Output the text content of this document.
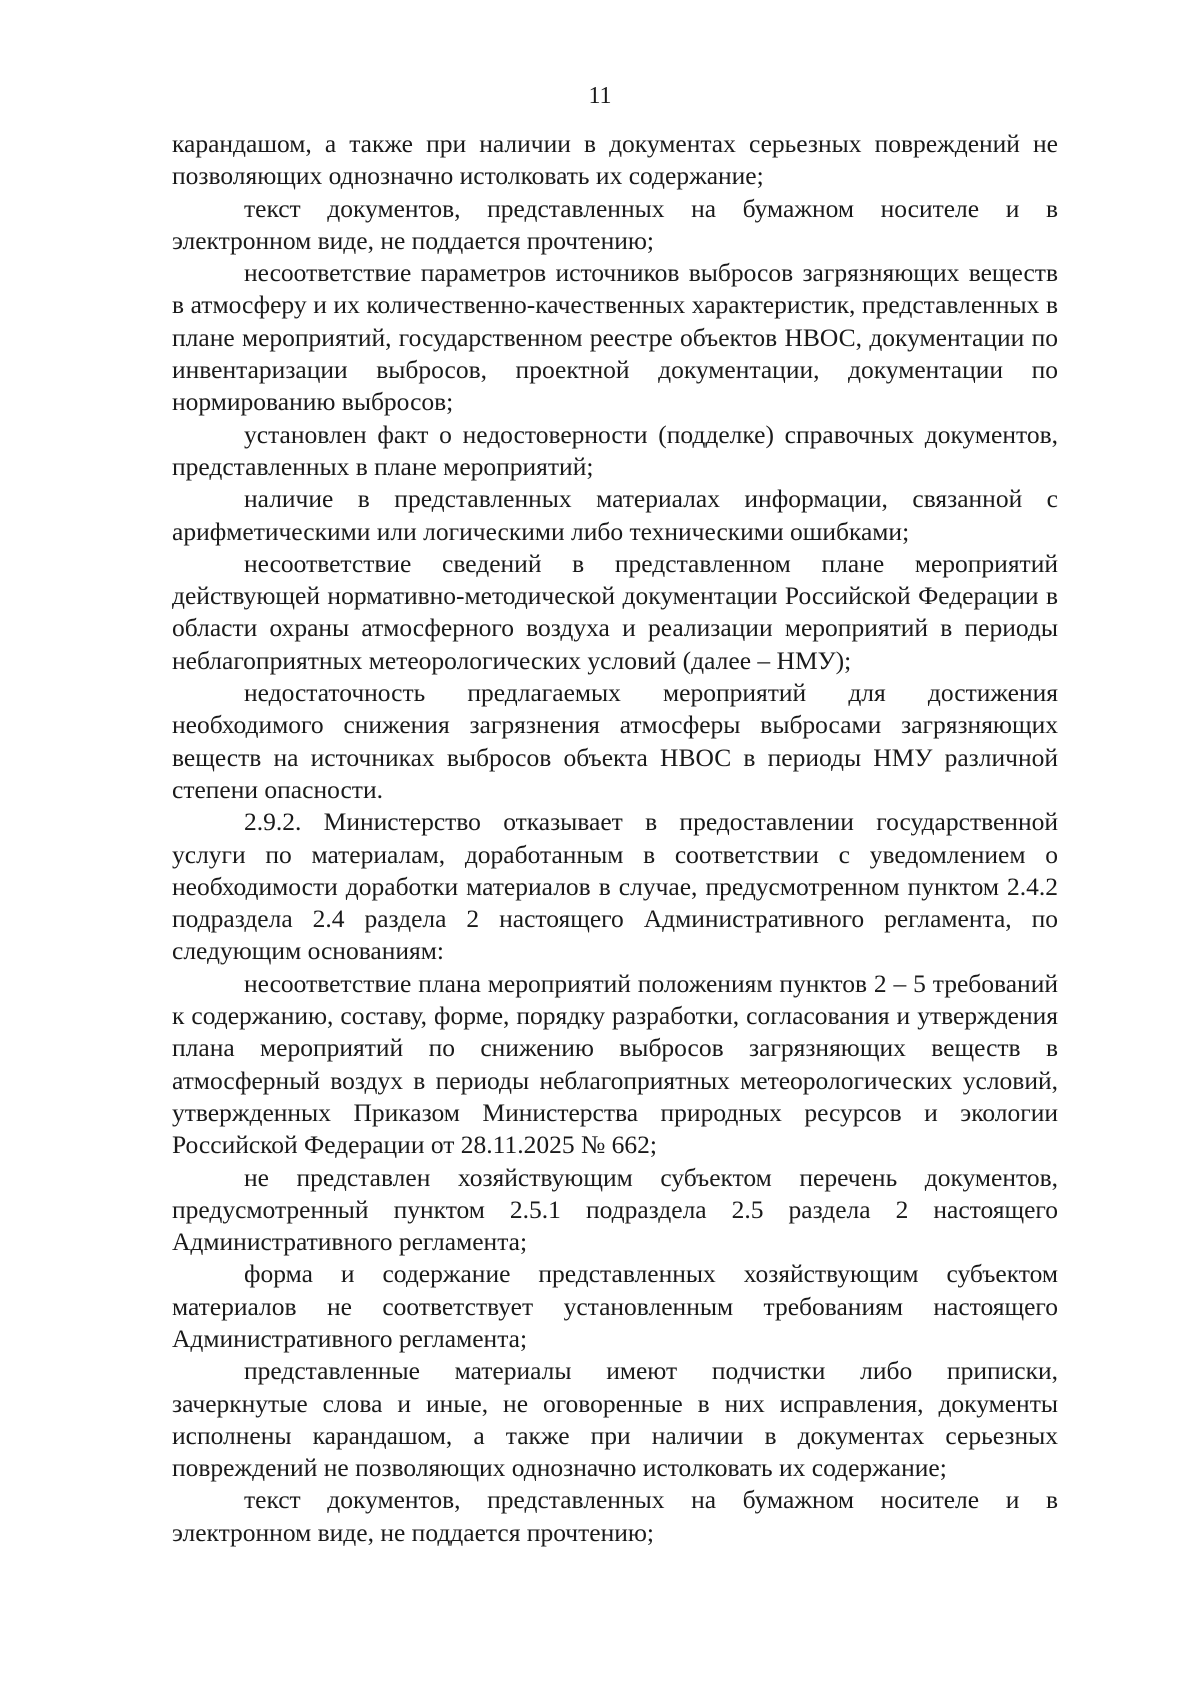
11

карандашом, а также при наличии в документах серьезных повреждений не позволяющих однозначно истолковать их содержание;

текст документов, представленных на бумажном носителе и в электронном виде, не поддается прочтению;

несоответствие параметров источников выбросов загрязняющих веществ в атмосферу и их количественно-качественных характеристик, представленных в плане мероприятий, государственном реестре объектов НВОС, документации по инвентаризации выбросов, проектной документации, документации по нормированию выбросов;

установлен факт о недостоверности (подделке) справочных документов, представленных в плане мероприятий;

наличие в представленных материалах информации, связанной с арифметическими или логическими либо техническими ошибками;

несоответствие сведений в представленном плане мероприятий действующей нормативно-методической документации Российской Федерации в области охраны атмосферного воздуха и реализации мероприятий в периоды неблагоприятных метеорологических условий (далее – НМУ);

недостаточность предлагаемых мероприятий для достижения необходимого снижения загрязнения атмосферы выбросами загрязняющих веществ на источниках выбросов объекта НВОС в периоды НМУ различной степени опасности.

2.9.2. Министерство отказывает в предоставлении государственной услуги по материалам, доработанным в соответствии с уведомлением о необходимости доработки материалов в случае, предусмотренном пунктом 2.4.2 подраздела 2.4 раздела 2 настоящего Административного регламента, по следующим основаниям:

несоответствие плана мероприятий положениям пунктов 2 – 5 требований к содержанию, составу, форме, порядку разработки, согласования и утверждения плана мероприятий по снижению выбросов загрязняющих веществ в атмосферный воздух в периоды неблагоприятных метеорологических условий, утвержденных Приказом Министерства природных ресурсов и экологии Российской Федерации от 28.11.2025 № 662;

не представлен хозяйствующим субъектом перечень документов, предусмотренный пунктом 2.5.1 подраздела 2.5 раздела 2 настоящего Административного регламента;

форма и содержание представленных хозяйствующим субъектом материалов не соответствует установленным требованиям настоящего Административного регламента;

представленные материалы имеют подчистки либо приписки, зачеркнутые слова и иные, не оговоренные в них исправления, документы исполнены карандашом, а также при наличии в документах серьезных повреждений не позволяющих однозначно истолковать их содержание;

текст документов, представленных на бумажном носителе и в электронном виде, не поддается прочтению;
